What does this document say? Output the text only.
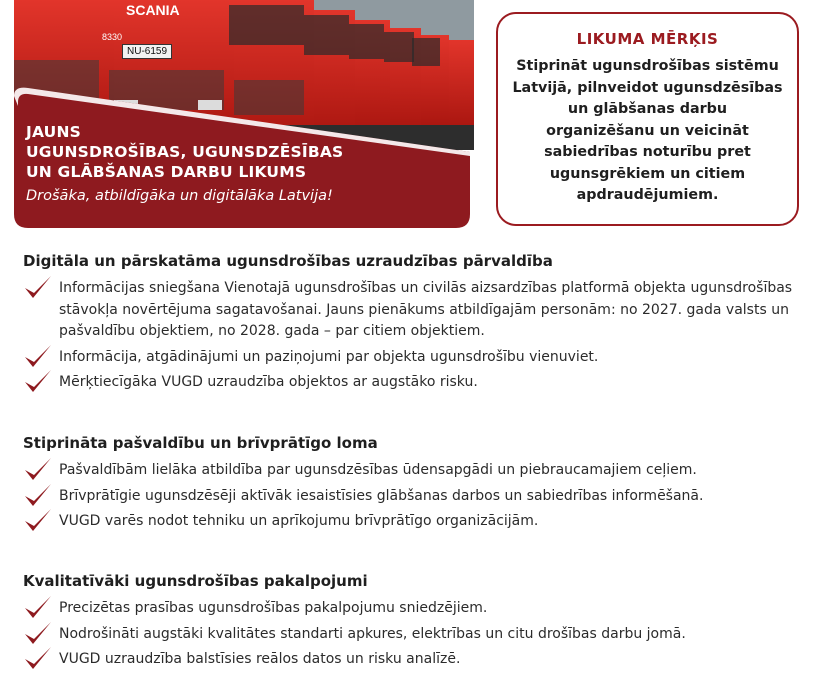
SCANIA
8330
NU-6159
JAUNS
UGUNSDROŠĪBAS, UGUNSDZĒSĪBAS
UN GLĀBŠANAS DARBU LIKUMS
Drošāka, atbildīgāka un digitālāka Latvija!
LIKUMA MĒRĶIS
Stiprināt ugunsdrošības sistēmu Latvijā, pilnveidot ugunsdzēsības un glābšanas darbu organizēšanu un veicināt sabiedrības noturību pret ugunsgrēkiem un citiem apdraudējumiem.
Digitāla un pārskatāma ugunsdrošības uzraudzības pārvaldība
Informācijas sniegšana Vienotajā ugunsdrošības un civilās aizsardzības platformā objekta ugunsdrošības stāvokļa novērtējuma sagatavošanai. Jauns pienākums atbildīgajām personām: no 2027. gada valsts un pašvaldību objektiem, no 2028. gada – par citiem objektiem.
Informācija, atgādinājumi un paziņojumi par objekta ugunsdrošību vienuviet.
Mērķtiecīgāka VUGD uzraudzība objektos ar augstāko risku.
Stiprināta pašvaldību un brīvprātīgo loma
Pašvaldībām lielāka atbildība par ugunsdzēsības ūdensapgādi un piebraucamajiem ceļiem.
Brīvprātīgie ugunsdzēsēji aktīvāk iesaistīsies glābšanas darbos un sabiedrības informēšanā.
VUGD varēs nodot tehniku un aprīkojumu brīvprātīgo organizācijām.
Kvalitatīvāki ugunsdrošības pakalpojumi
Precizētas prasības ugunsdrošības pakalpojumu sniedzējiem.
Nodrošināti augstāki kvalitātes standarti apkures, elektrības un citu drošības darbu jomā.
VUGD uzraudzība balstīsies reālos datos un risku analīzē.
